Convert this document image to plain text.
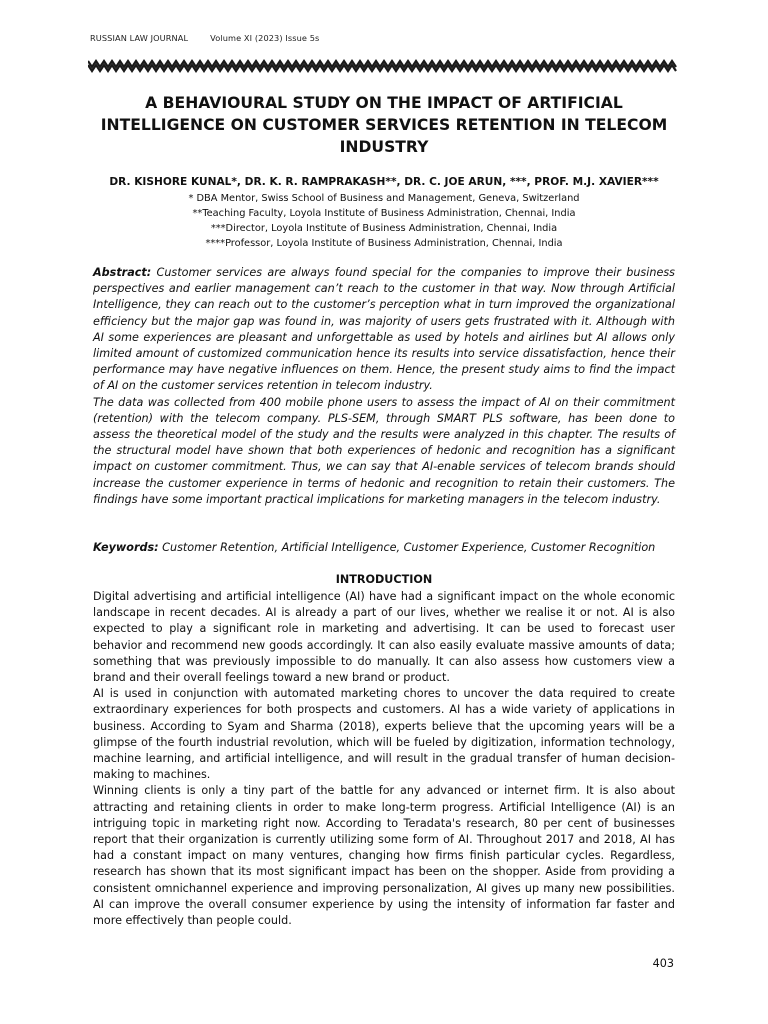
RUSSIAN LAW JOURNAL	Volume XI (2023) Issue 5s
A BEHAVIOURAL STUDY ON THE IMPACT OF ARTIFICIAL INTELLIGENCE ON CUSTOMER SERVICES RETENTION IN TELECOM INDUSTRY
DR. KISHORE KUNAL*, DR. K. R. RAMPRAKASH**, DR. C. JOE ARUN, ***, PROF. M.J. XAVIER***
* DBA Mentor, Swiss School of Business and Management, Geneva, Switzerland
**Teaching Faculty, Loyola Institute of Business Administration, Chennai, India
***Director, Loyola Institute of Business Administration, Chennai, India
****Professor, Loyola Institute of Business Administration, Chennai, India

Abstract: Customer services are always found special for the companies to improve their business perspectives and earlier management can’t reach to the customer in that way. Now through Artificial Intelligence, they can reach out to the customer’s perception what in turn improved the organizational efficiency but the major gap was found in, was majority of users gets frustrated with it. Although with AI some experiences are pleasant and unforgettable as used by hotels and airlines but AI allows only limited amount of customized communication hence its results into service dissatisfaction, hence their performance may have negative influences on them. Hence, the present study aims to find the impact of AI on the customer services retention in telecom industry.

The data was collected from 400 mobile phone users to assess the impact of AI on their commitment (retention) with the telecom company. PLS-SEM, through SMART PLS software, has been done to assess the theoretical model of the study and the results were analyzed in this chapter. The results of the structural model have shown that both experiences of hedonic and recognition has a significant impact on customer commitment. Thus, we can say that AI-enable services of telecom brands should increase the customer experience in terms of hedonic and recognition to retain their customers. The findings have some important practical implications for marketing managers in the telecom industry.

Keywords: Customer Retention, Artificial Intelligence, Customer Experience, Customer Recognition
INTRODUCTION

Digital advertising and artificial intelligence (AI) have had a significant impact on the whole economic landscape in recent decades. AI is already a part of our lives, whether we realise it or not. AI is also expected to play a significant role in marketing and advertising. It can be used to forecast user behavior and recommend new goods accordingly. It can also easily evaluate massive amounts of data; something that was previously impossible to do manually. It can also assess how customers view a brand and their overall feelings toward a new brand or product.

AI is used in conjunction with automated marketing chores to uncover the data required to create extraordinary experiences for both prospects and customers. AI has a wide variety of applications in business. According to Syam and Sharma (2018), experts believe that the upcoming years will be a glimpse of the fourth industrial revolution, which will be fueled by digitization, information technology, machine learning, and artificial intelligence, and will result in the gradual transfer of human decision-making to machines.

Winning clients is only a tiny part of the battle for any advanced or internet firm. It is also about attracting and retaining clients in order to make long-term progress. Artificial Intelligence (AI) is an intriguing topic in marketing right now. According to Teradata's research, 80 per cent of businesses report that their organization is currently utilizing some form of AI. Throughout 2017 and 2018, AI has had a constant impact on many ventures, changing how firms finish particular cycles. Regardless, research has shown that its most significant impact has been on the shopper. Aside from providing a consistent omnichannel experience and improving personalization, AI gives up many new possibilities. AI can improve the overall consumer experience by using the intensity of information far faster and more effectively than people could.

403
